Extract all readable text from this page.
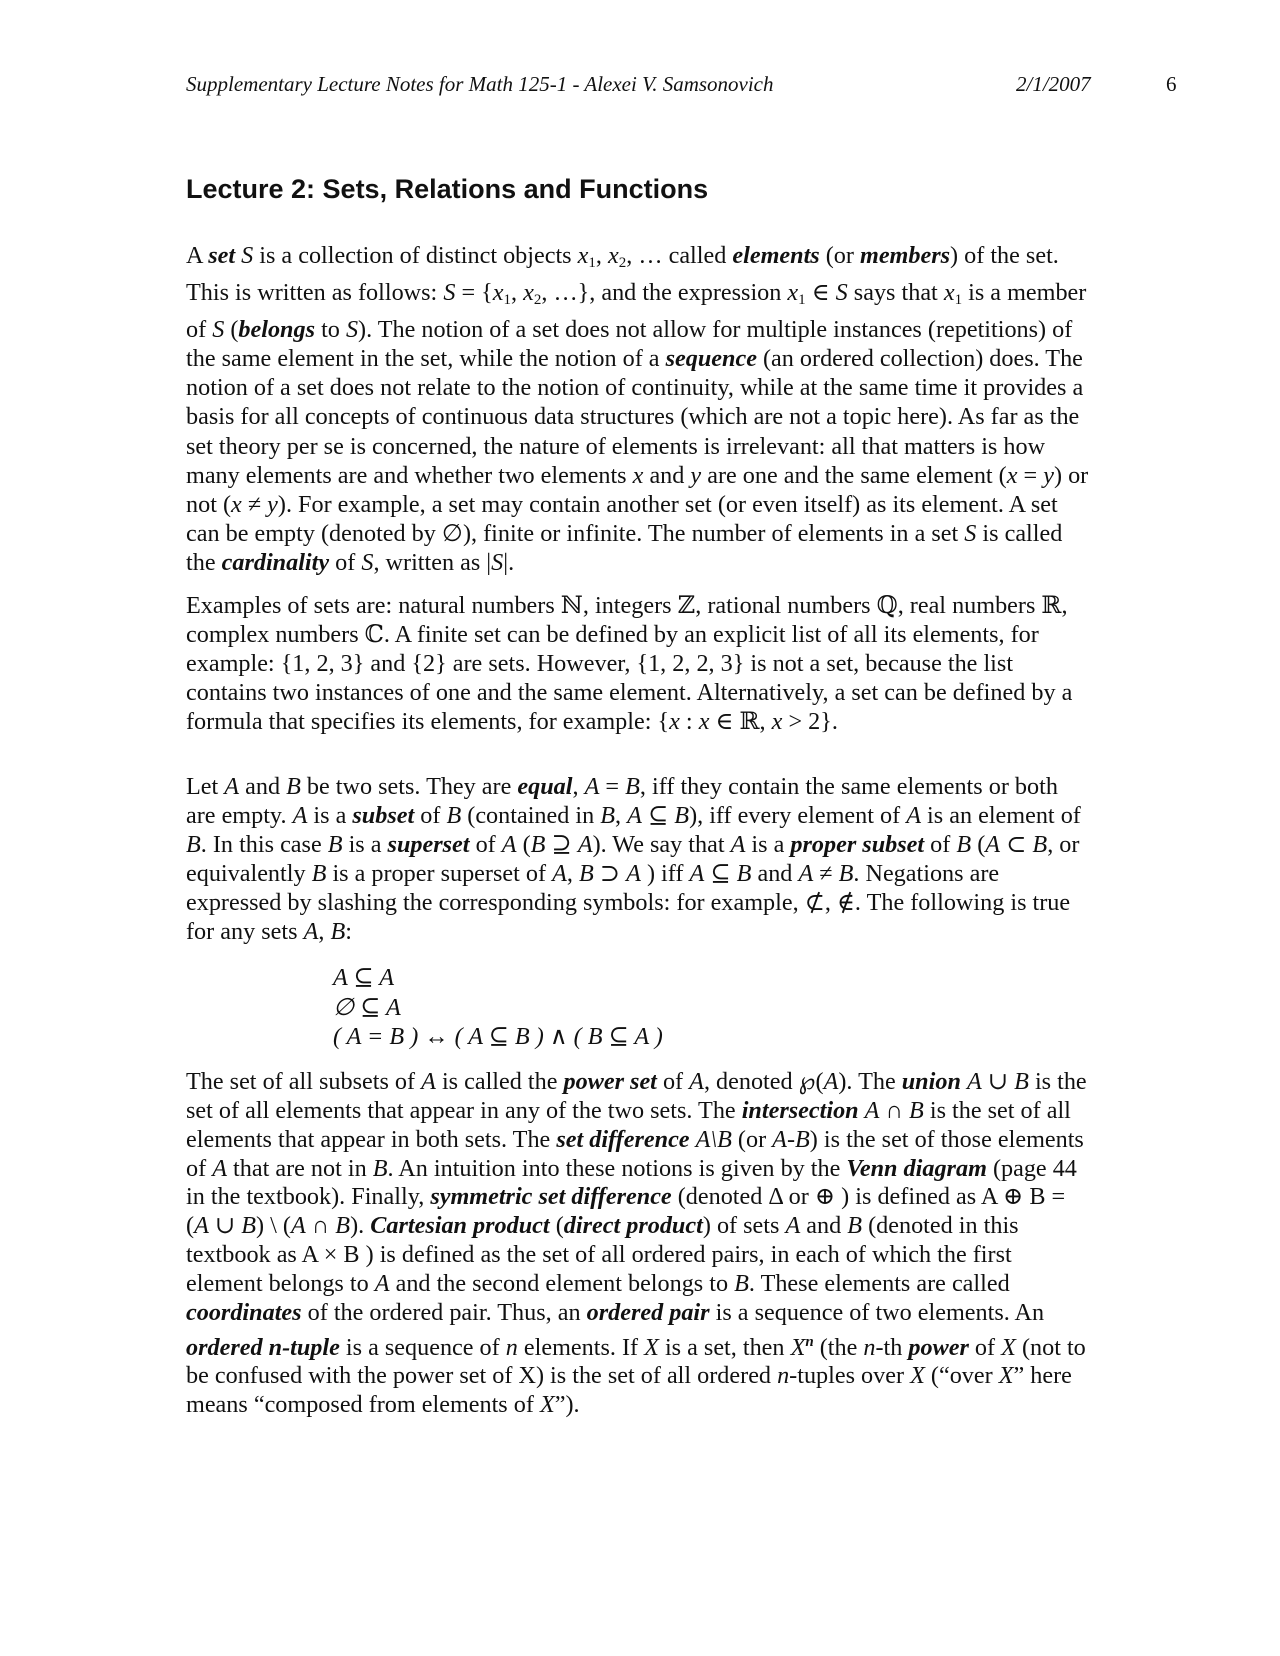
Supplementary Lecture Notes for Math 125-1 - Alexei V. Samsonovich	2/1/2007	6
Lecture 2: Sets, Relations and Functions

A set S is a collection of distinct objects $x_1$, $x_2$, … called elements (or members) of the set. This is written as follows: $S = \{x_1$, $x_2$, …}, and the expression $x_1$ ∈ S says that $x_1$ is a member of S (belongs to S). The notion of a set does not allow for multiple instances (repetitions) of the same element in the set, while the notion of a sequence (an ordered collection) does. The notion of a set does not relate to the notion of continuity, while at the same time it provides a basis for all concepts of continuous data structures (which are not a topic here). As far as the set theory per se is concerned, the nature of elements is irrelevant: all that matters is how many elements are and whether two elements x and y are one and the same element (x = y) or not (x ≠ y). For example, a set may contain another set (or even itself) as its element. A set can be empty (denoted by ∅), finite or infinite. The number of elements in a set S is called the cardinality of S, written as |S|.

Examples of sets are: natural numbers ℕ, integers ℤ, rational numbers ℚ, real numbers ℝ, complex numbers ℂ. A finite set can be defined by an explicit list of all its elements, for example: {1, 2, 3} and {2} are sets. However, {1, 2, 2, 3} is not a set, because the list contains two instances of one and the same element. Alternatively, a set can be defined by a formula that specifies its elements, for example: {x : x ∈ ℝ, x > 2}.

Let A and B be two sets. They are equal, A = B, iff they contain the same elements or both are empty. A is a subset of B (contained in B, A ⊆ B), iff every element of A is an element of B. In this case B is a superset of A (B ⊇ A). We say that A is a proper subset of B (A ⊂ B, or equivalently B is a proper superset of A, B ⊃ A ) iff A ⊆ B and A ≠ B. Negations are expressed by slashing the corresponding symbols: for example, ⊄, ∉. The following is true for any sets A, B:

A ⊆ A
∅ ⊆ A
( A = B ) ↔ ( A ⊆ B ) ∧ ( B ⊆ A )

The set of all subsets of A is called the power set of A, denoted ℘(A). The union A ∪ B is the set of all elements that appear in any of the two sets. The intersection A ∩ B is the set of all elements that appear in both sets. The set difference A\B (or A-B) is the set of those elements of A that are not in B. An intuition into these notions is given by the Venn diagram (page 44 in the textbook). Finally, symmetric set difference (denoted Δ or ⊕ ) is defined as A ⊕ B = (A ∪ B) \ (A ∩ B). Cartesian product (direct product) of sets A and B (denoted in this textbook as A × B ) is defined as the set of all ordered pairs, in each of which the first element belongs to A and the second element belongs to B. These elements are called coordinates of the ordered pair. Thus, an ordered pair is a sequence of two elements. An ordered n-tuple is a sequence of n elements. If X is a set, then $X^n$ (the n-th power of X (not to be confused with the power set of X) is the set of all ordered n-tuples over X (“over X” here means “composed from elements of X”).
